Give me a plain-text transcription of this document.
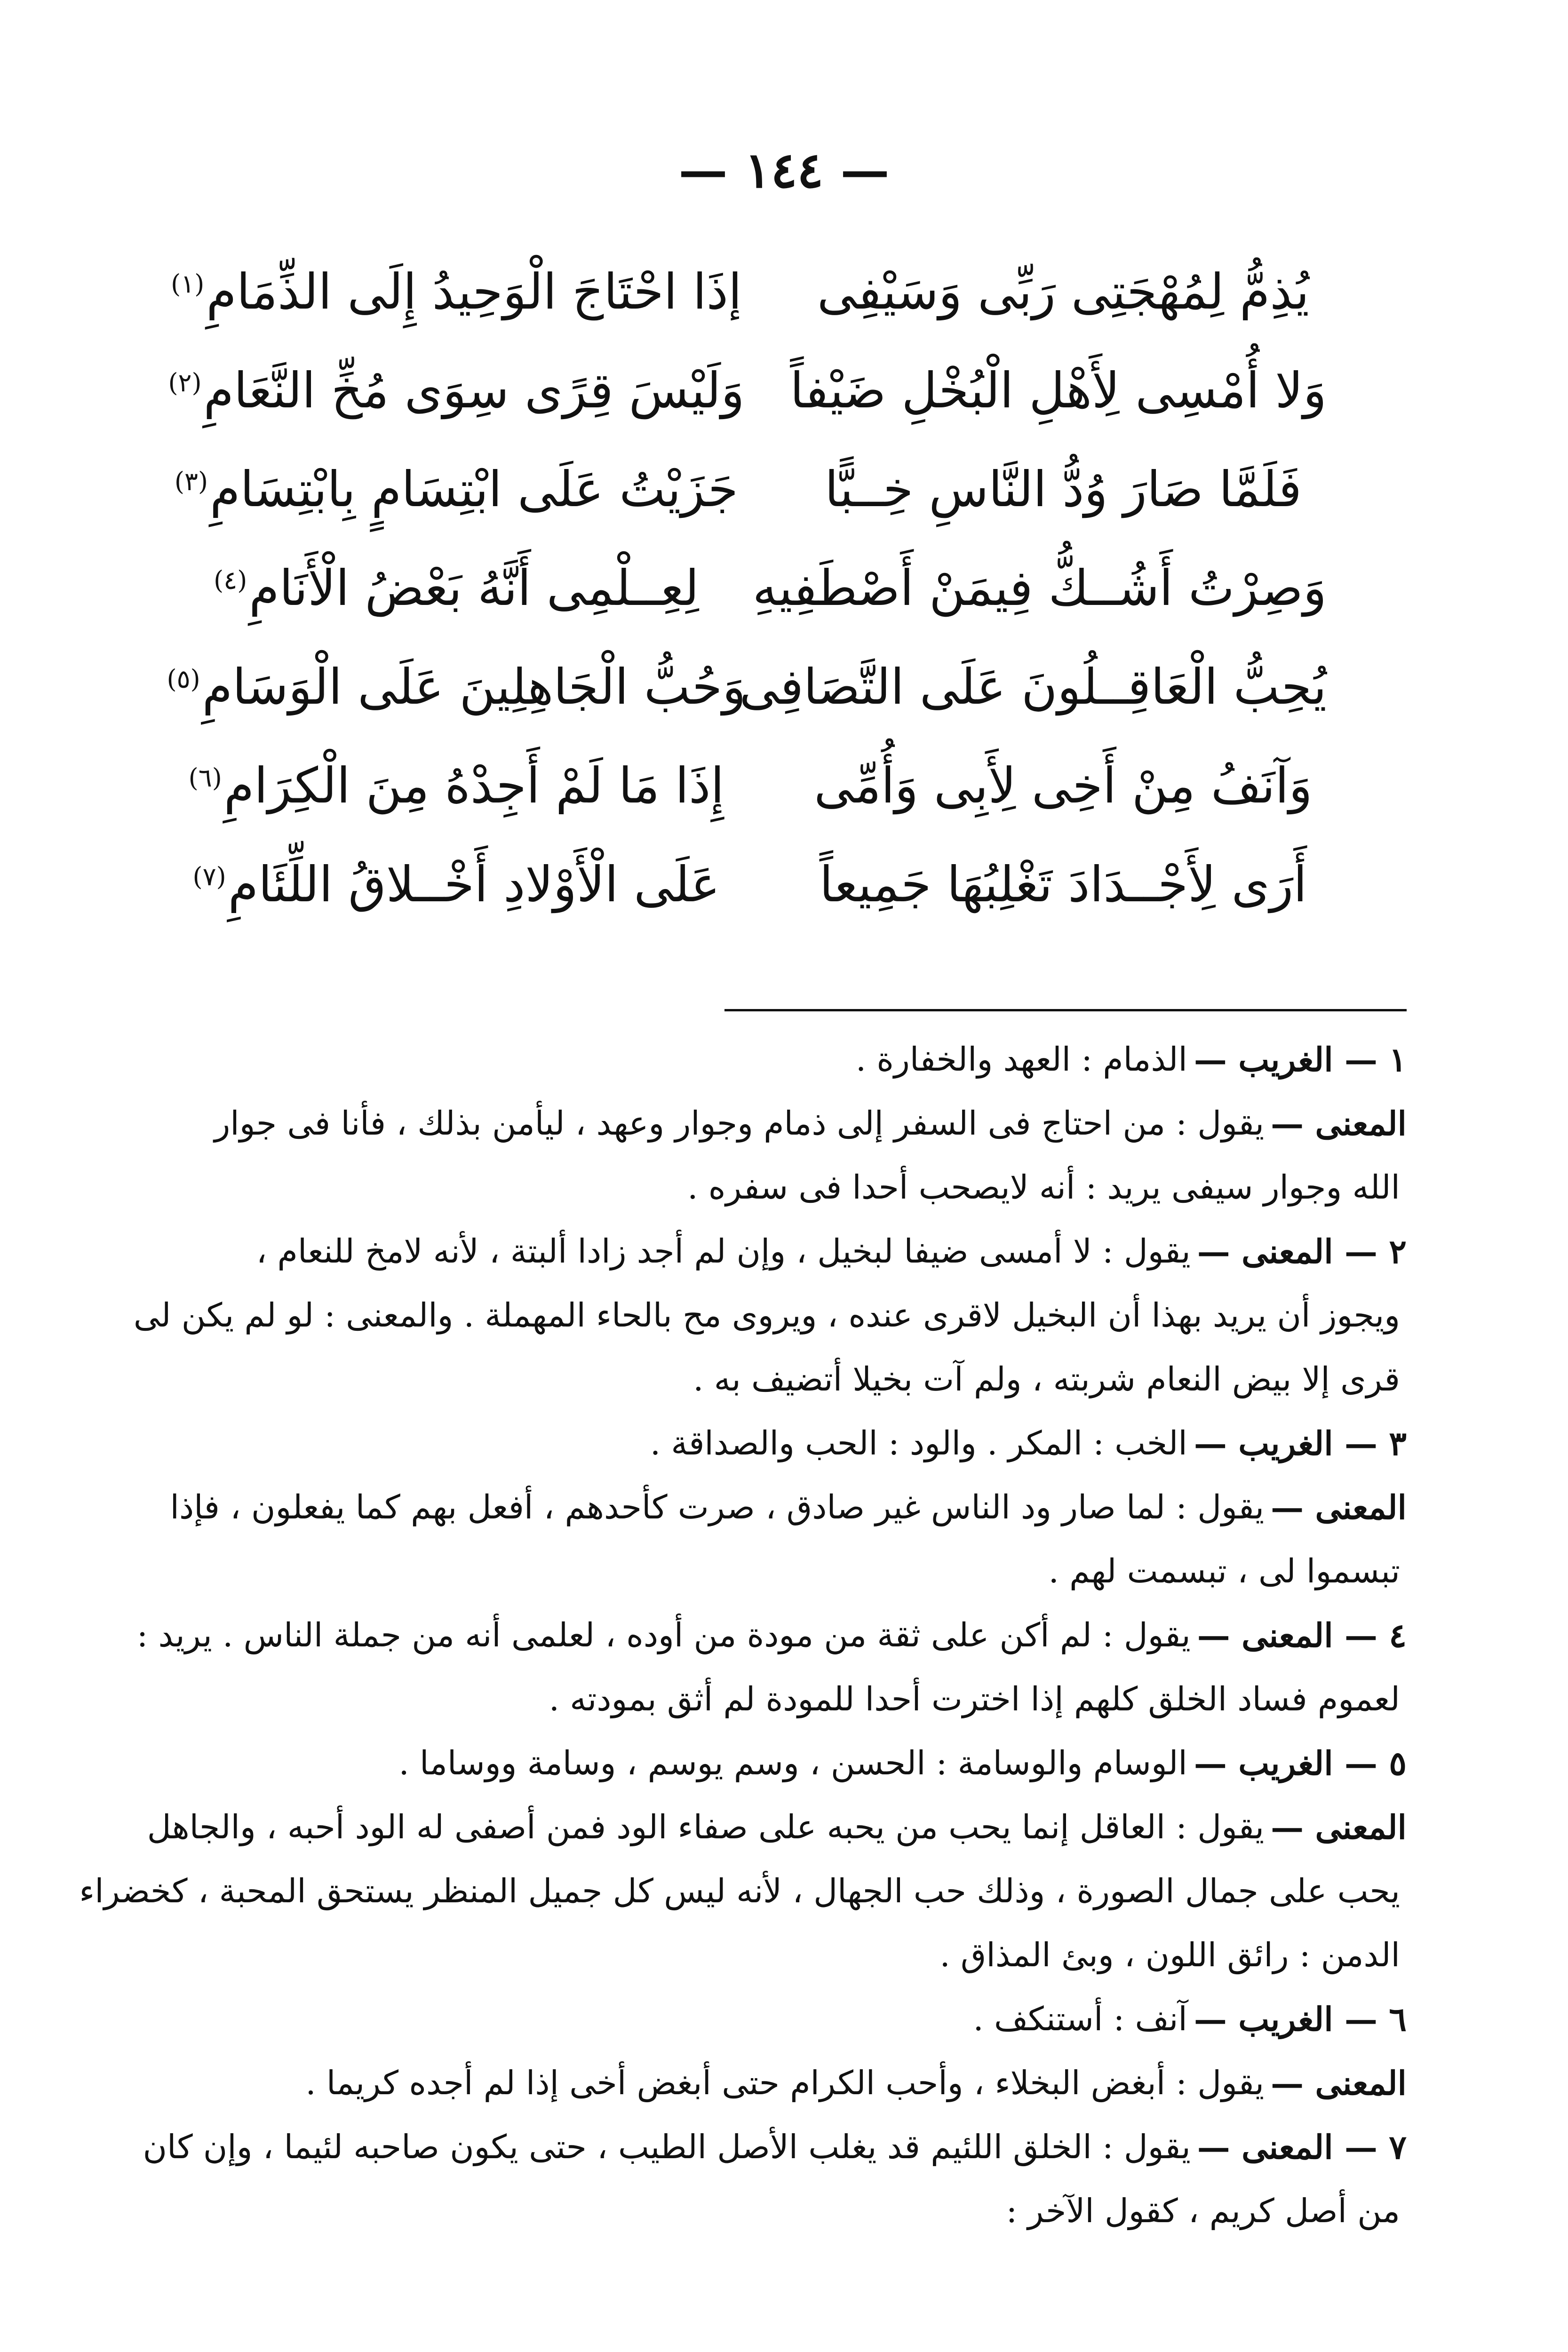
— ١٤٤ —
يُذِمُّ لِمُهْجَتِى رَبِّى وَسَيْفِى
إذَا احْتَاجَ الْوَحِيدُ إِلَى الذِّمَامِ$^{(١)}$
وَلا أُمْسِى لِأَهْلِ الْبُخْلِ ضَيْفاً
وَلَيْسَ قِرًى سِوَى مُخِّ النَّعَامِ$^{(٢)}$
فَلَمَّا صَارَ وُدُّ النَّاسِ خِــبًّا
جَزَيْتُ عَلَى ابْتِسَامٍ بِابْتِسَامِ$^{(٣)}$
وَصِرْتُ أَشُــكُّ فِيمَنْ أَصْطَفِيهِ
لِعِــلْمِى أَنَّهُ بَعْضُ الْأَنَامِ$^{(٤)}$
يُحِبُّ الْعَاقِــلُونَ عَلَى التَّصَافِى
وَحُبُّ الْجَاهِلِينَ عَلَى الْوَسَامِ$^{(٥)}$
وَآنَفُ مِنْ أَخِى لِأَبِى وَأُمِّى
إِذَا مَا لَمْ أَجِدْهُ مِنَ الْكِرَامِ$^{(٦)}$
أَرَى لِأَجْــدَادَ تَغْلِبُهَا جَمِيعاً
عَلَى الْأَوْلادِ أَخْــلاقُ اللِّئَامِ$^{(٧)}$
١ — الغريب —
الذمام : العهد والخفارة .
المعنى —
يقول : من احتاج فى السفر إلى ذمام وجوار وعهد ، ليأمن بذلك ، فأنا فى جوار
الله وجوار سيفى يريد : أنه لايصحب أحدا فى سفره .
٢ — المعنى —
يقول : لا أمسى ضيفا لبخيل ، وإن لم أجد زادا ألبتة ، لأنه لامخ للنعام ،
ويجوز أن يريد بهذا أن البخيل لاقرى عنده ، ويروى مح بالحاء المهملة . والمعنى : لو لم يكن لى
قرى إلا بيض النعام شربته ، ولم آت بخيلا أتضيف به .
٣ — الغريب —
الخب : المكر . والود : الحب والصداقة .
المعنى —
يقول : لما صار ود الناس غير صادق ، صرت كأحدهم ، أفعل بهم كما يفعلون ، فإذا
تبسموا لى ، تبسمت لهم .
٤ — المعنى —
يقول : لم أكن على ثقة من مودة من أوده ، لعلمى أنه من جملة الناس . يريد :
لعموم فساد الخلق كلهم إذا اخترت أحدا للمودة لم أثق بمودته .
٥ — الغريب —
الوسام والوسامة : الحسن ، وسم يوسم ، وسامة ووساما .
المعنى —
يقول : العاقل إنما يحب من يحبه على صفاء الود فمن أصفى له الود أحبه ، والجاهل
يحب على جمال الصورة ، وذلك حب الجهال ، لأنه ليس كل جميل المنظر يستحق المحبة ، كخضراء
الدمن : رائق اللون ، وبئ المذاق .
٦ — الغريب —
آنف : أستنكف .
المعنى —
يقول : أبغض البخلاء ، وأحب الكرام حتى أبغض أخى إذا لم أجده كريما .
٧ — المعنى —
يقول : الخلق اللئيم قد يغلب الأصل الطيب ، حتى يكون صاحبه لئيما ، وإن كان
من أصل كريم ، كقول الآخر :
